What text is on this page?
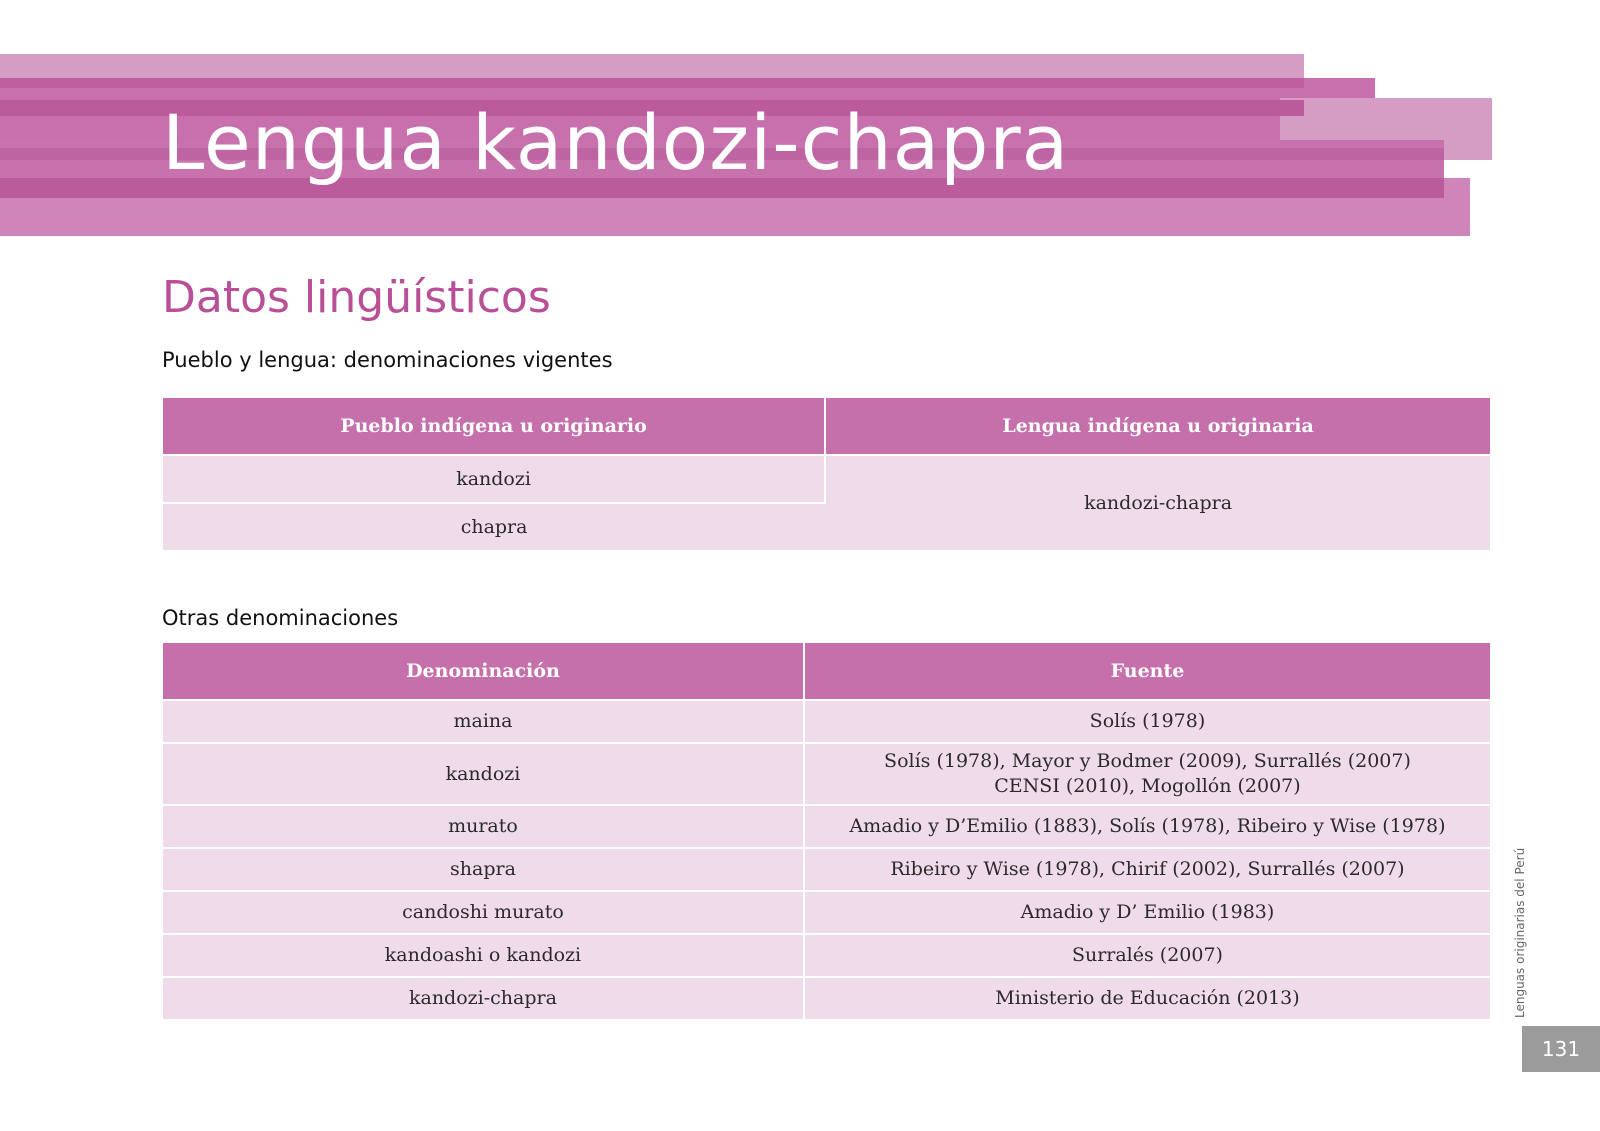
Lengua kandozi-chapra
Datos lingüísticos
Pueblo y lengua: denominaciones vigentes
Pueblo indígena u originario	Lengua indígena u originaria
kandozi	kandozi-chapra
chapra	
Otras denominaciones
Denominación	Fuente
maina	Solís (1978)
kandozi	Solís (1978), Mayor y Bodmer (2009), Surrallés (2007)
CENSI (2010), Mogollón (2007)
murato	Amadio y D’Emilio (1883), Solís (1978), Ribeiro y Wise (1978)
shapra	Ribeiro y Wise (1978), Chirif (2002), Surrallés (2007)
candoshi murato	Amadio y D’ Emilio (1983)
kandoashi o kandozi	Surralés (2007)
kandozi-chapra	Ministerio de Educación (2013)	Lenguas originarias del Perú
131
